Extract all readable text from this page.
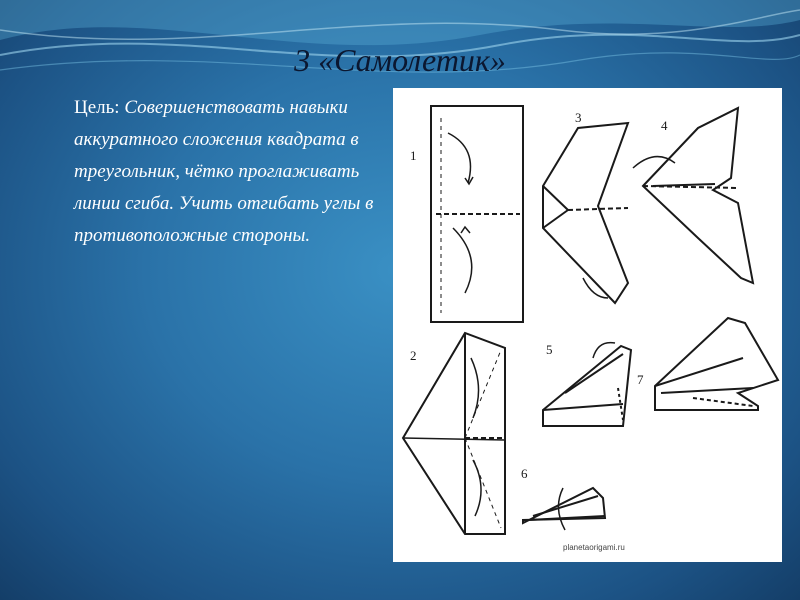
3 «Самолетик»
Цель: Совершенствовать навыки аккуратного сложения квадрата в треугольник, чётко проглаживать линии сгиба. Учить отгибать углы в противоположные стороны.
1
2
3
4
5
6
7
planetaorigami.ru
